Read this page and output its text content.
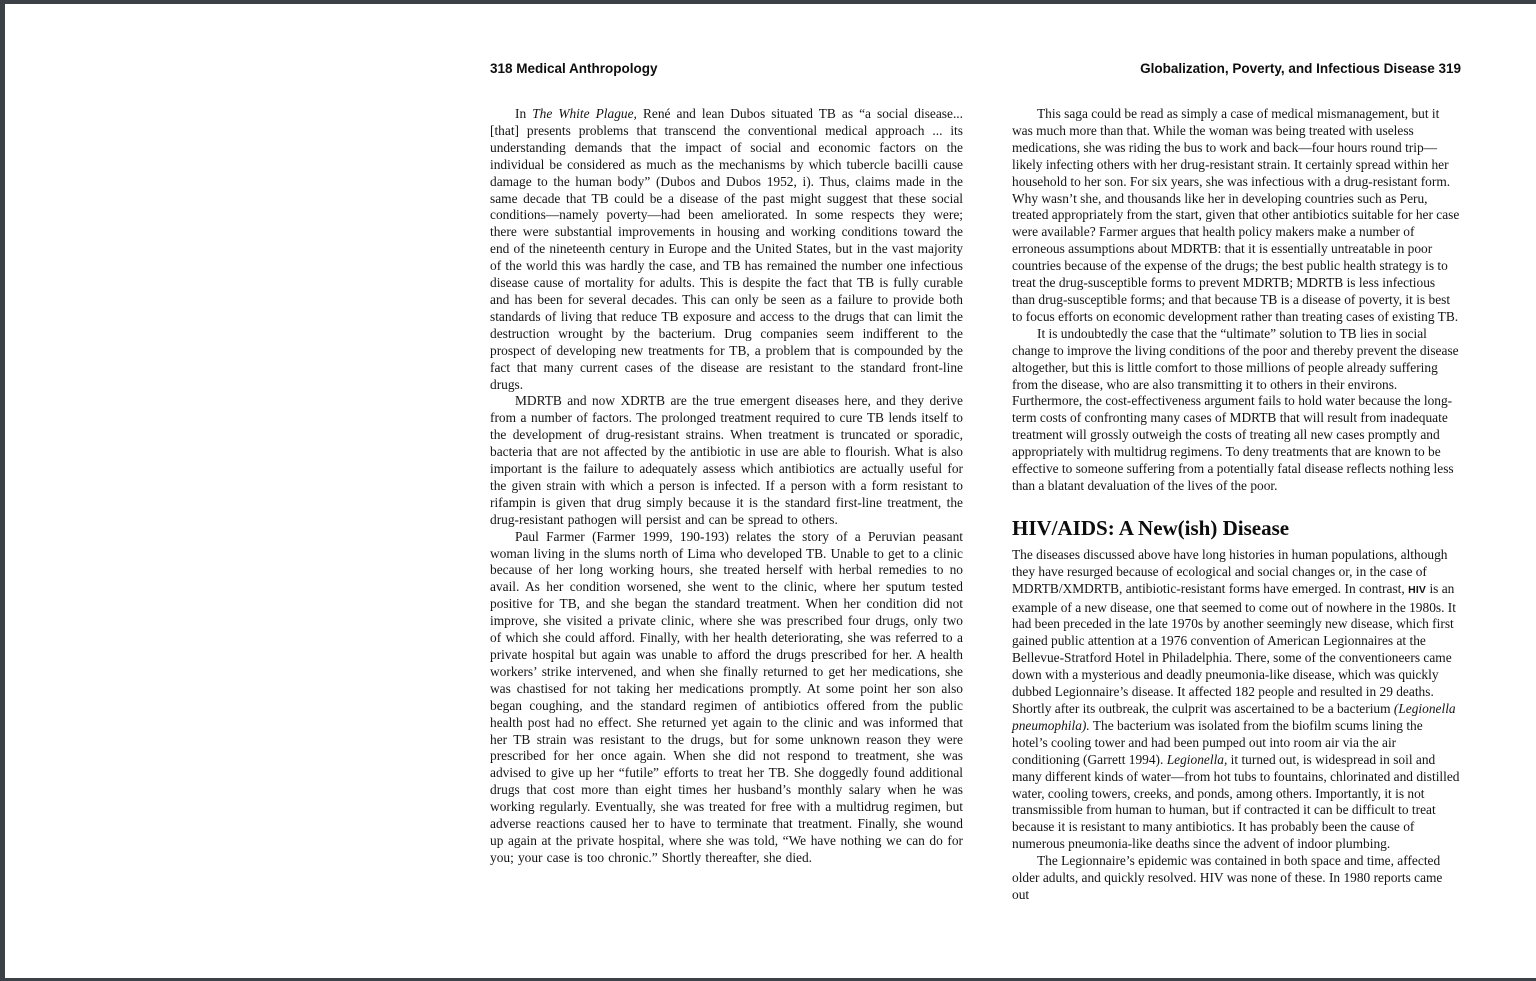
318 Medical Anthropology

In The White Plague, René and lean Dubos situated TB as “a social disease... [that] presents problems that transcend the conventional medical approach ... its understanding demands that the impact of social and economic factors on the individual be considered as much as the mechanisms by which tubercle bacilli cause damage to the human body” (Dubos and Dubos 1952, i). Thus, claims made in the same decade that TB could be a disease of the past might suggest that these social conditions—namely poverty—had been ameliorated. In some respects they were; there were substantial improvements in housing and working conditions toward the end of the nineteenth century in Europe and the United States, but in the vast majority of the world this was hardly the case, and TB has remained the number one infectious disease cause of mortality for adults. This is despite the fact that TB is fully curable and has been for several decades. This can only be seen as a failure to provide both standards of living that reduce TB exposure and access to the drugs that can limit the destruction wrought by the bacterium. Drug companies seem indifferent to the prospect of developing new treatments for TB, a problem that is compounded by the fact that many current cases of the disease are resistant to the standard front-line drugs.

MDRTB and now XDRTB are the true emergent diseases here, and they derive from a number of factors. The prolonged treatment required to cure TB lends itself to the development of drug-resistant strains. When treatment is truncated or sporadic, bacteria that are not affected by the antibiotic in use are able to flourish. What is also important is the failure to adequately assess which antibiotics are actually useful for the given strain with which a person is infected. If a person with a form resistant to rifampin is given that drug simply because it is the standard first-line treatment, the drug-resistant pathogen will persist and can be spread to others.

Paul Farmer (Farmer 1999, 190-193) relates the story of a Peruvian peasant woman living in the slums north of Lima who developed TB. Unable to get to a clinic because of her long working hours, she treated herself with herbal remedies to no avail. As her condition worsened, she went to the clinic, where her sputum tested positive for TB, and she began the standard treatment. When her condition did not improve, she visited a private clinic, where she was prescribed four drugs, only two of which she could afford. Finally, with her health deteriorating, she was referred to a private hospital but again was unable to afford the drugs prescribed for her. A health workers’ strike intervened, and when she finally returned to get her medications, she was chastised for not taking her medications promptly. At some point her son also began coughing, and the standard regimen of antibiotics offered from the public health post had no effect. She returned yet again to the clinic and was informed that her TB strain was resistant to the drugs, but for some unknown reason they were prescribed for her once again. When she did not respond to treatment, she was advised to give up her “futile” efforts to treat her TB. She doggedly found additional drugs that cost more than eight times her husband’s monthly salary when he was working regularly. Eventually, she was treated for free with a multidrug regimen, but adverse reactions caused her to have to terminate that treatment. Finally, she wound up again at the private hospital, where she was told, “We have nothing we can do for you; your case is too chronic.” Shortly thereafter, she died.

Globalization, Poverty, and Infectious Disease 319

This saga could be read as simply a case of medical mismanagement, but it was much more than that. While the woman was being treated with useless medications, she was riding the bus to work and back—four hours round trip—likely infecting others with her drug-resistant strain. It certainly spread within her household to her son. For six years, she was infectious with a drug-resistant form. Why wasn’t she, and thousands like her in developing countries such as Peru, treated appropriately from the start, given that other antibiotics suitable for her case were available? Farmer argues that health policy makers make a number of erroneous assumptions about MDRTB: that it is essentially untreatable in poor countries because of the expense of the drugs; the best public health strategy is to treat the drug-susceptible forms to prevent MDRTB; MDRTB is less infectious than drug-susceptible forms; and that because TB is a disease of poverty, it is best to focus efforts on economic development rather than treating cases of existing TB.

It is undoubtedly the case that the “ultimate” solution to TB lies in social change to improve the living conditions of the poor and thereby prevent the disease altogether, but this is little comfort to those millions of people already suffering from the disease, who are also transmitting it to others in their environs. Furthermore, the cost-effectiveness argument fails to hold water because the long-term costs of confronting many cases of MDRTB that will result from inadequate treatment will grossly outweigh the costs of treating all new cases promptly and appropriately with multidrug regimens. To deny treatments that are known to be effective to someone suffering from a potentially fatal disease reflects nothing less than a blatant devaluation of the lives of the poor.

HIV/AIDS: A New(ish) Disease

The diseases discussed above have long histories in human populations, although they have resurged because of ecological and social changes or, in the case of MDRTB/XMDRTB, antibiotic-resistant forms have emerged. In contrast, HIV is an example of a new disease, one that seemed to come out of nowhere in the 1980s. It had been preceded in the late 1970s by another seemingly new disease, which first gained public attention at a 1976 convention of American Legionnaires at the Bellevue-Stratford Hotel in Philadelphia. There, some of the conventioneers came down with a mysterious and deadly pneumonia-like disease, which was quickly dubbed Legionnaire’s disease. It affected 182 people and resulted in 29 deaths. Shortly after its outbreak, the culprit was ascertained to be a bacterium (Legionella pneumophila). The bacterium was isolated from the biofilm scums lining the hotel’s cooling tower and had been pumped out into room air via the air conditioning (Garrett 1994). Legionella, it turned out, is widespread in soil and many different kinds of water—from hot tubs to fountains, chlorinated and distilled water, cooling towers, creeks, and ponds, among others. Importantly, it is not transmissible from human to human, but if contracted it can be difficult to treat because it is resistant to many antibiotics. It has probably been the cause of numerous pneumonia-like deaths since the advent of indoor plumbing.

The Legionnaire’s epidemic was contained in both space and time, affected older adults, and quickly resolved. HIV was none of these. In 1980 reports came out
